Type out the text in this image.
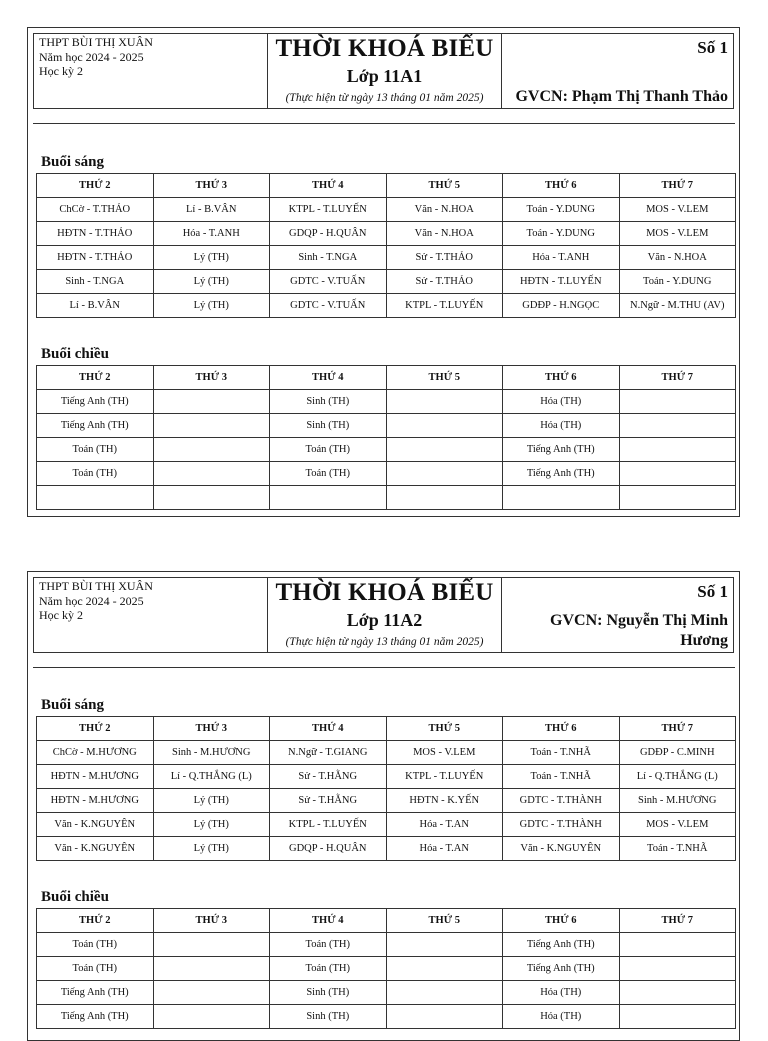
THPT BÙI THỊ XUÂN
Năm học 2024 - 2025
Học kỳ 2
THỜI KHOÁ BIỂU
Lớp 11A1
(Thực hiện từ ngày 13 tháng 01 năm 2025)
Số 1
GVCN: Phạm Thị Thanh Thảo
Buổi sáng
THỨ 2	THỨ 3	THỨ 4	THỨ 5	THỨ 6	THỨ 7
ChCờ - T.THẢO	Lí - B.VÂN	KTPL - T.LUYẾN	Văn - N.HOA	Toán - Y.DUNG	MOS - V.LEM
HĐTN - T.THẢO	Hóa - T.ANH	GDQP - H.QUÂN	Văn - N.HOA	Toán - Y.DUNG	MOS - V.LEM
HĐTN - T.THẢO	Lý (TH)	Sinh - T.NGA	Sử - T.THẢO	Hóa - T.ANH	Văn - N.HOA
Sinh - T.NGA	Lý (TH)	GDTC - V.TUẤN	Sử - T.THẢO	HĐTN - T.LUYẾN	Toán - Y.DUNG
Lí - B.VÂN	Lý (TH)	GDTC - V.TUẤN	KTPL - T.LUYẾN	GDĐP - H.NGỌC	N.Ngữ - M.THU (AV)
Buổi chiều
THỨ 2	THỨ 3	THỨ 4	THỨ 5	THỨ 6	THỨ 7
Tiếng Anh (TH)		Sinh (TH)		Hóa (TH)	
Tiếng Anh (TH)		Sinh (TH)		Hóa (TH)	
Toán (TH)		Toán (TH)		Tiếng Anh (TH)	
Toán (TH)		Toán (TH)		Tiếng Anh (TH)	

THPT BÙI THỊ XUÂN
Năm học 2024 - 2025
Học kỳ 2
THỜI KHOÁ BIỂU
Lớp 11A2
(Thực hiện từ ngày 13 tháng 01 năm 2025)
Số 1
GVCN: Nguyễn Thị Minh Hương
Buổi sáng
THỨ 2	THỨ 3	THỨ 4	THỨ 5	THỨ 6	THỨ 7
ChCờ - M.HƯƠNG	Sinh - M.HƯƠNG	N.Ngữ - T.GIANG	MOS - V.LEM	Toán - T.NHÃ	GDĐP - C.MINH
HĐTN - M.HƯƠNG	Lí - Q.THẮNG (L)	Sử - T.HẰNG	KTPL - T.LUYẾN	Toán - T.NHÃ	Lí - Q.THẮNG (L)
HĐTN - M.HƯƠNG	Lý (TH)	Sử - T.HẰNG	HĐTN - K.YẾN	GDTC - T.THÀNH	Sinh - M.HƯƠNG
Văn - K.NGUYÊN	Lý (TH)	KTPL - T.LUYẾN	Hóa - T.AN	GDTC - T.THÀNH	MOS - V.LEM
Văn - K.NGUYÊN	Lý (TH)	GDQP - H.QUÂN	Hóa - T.AN	Văn - K.NGUYÊN	Toán - T.NHÃ
Buổi chiều
THỨ 2	THỨ 3	THỨ 4	THỨ 5	THỨ 6	THỨ 7
Toán (TH)		Toán (TH)		Tiếng Anh (TH)	
Toán (TH)		Toán (TH)		Tiếng Anh (TH)	
Tiếng Anh (TH)		Sinh (TH)		Hóa (TH)	
Tiếng Anh (TH)		Sinh (TH)		Hóa (TH)	
